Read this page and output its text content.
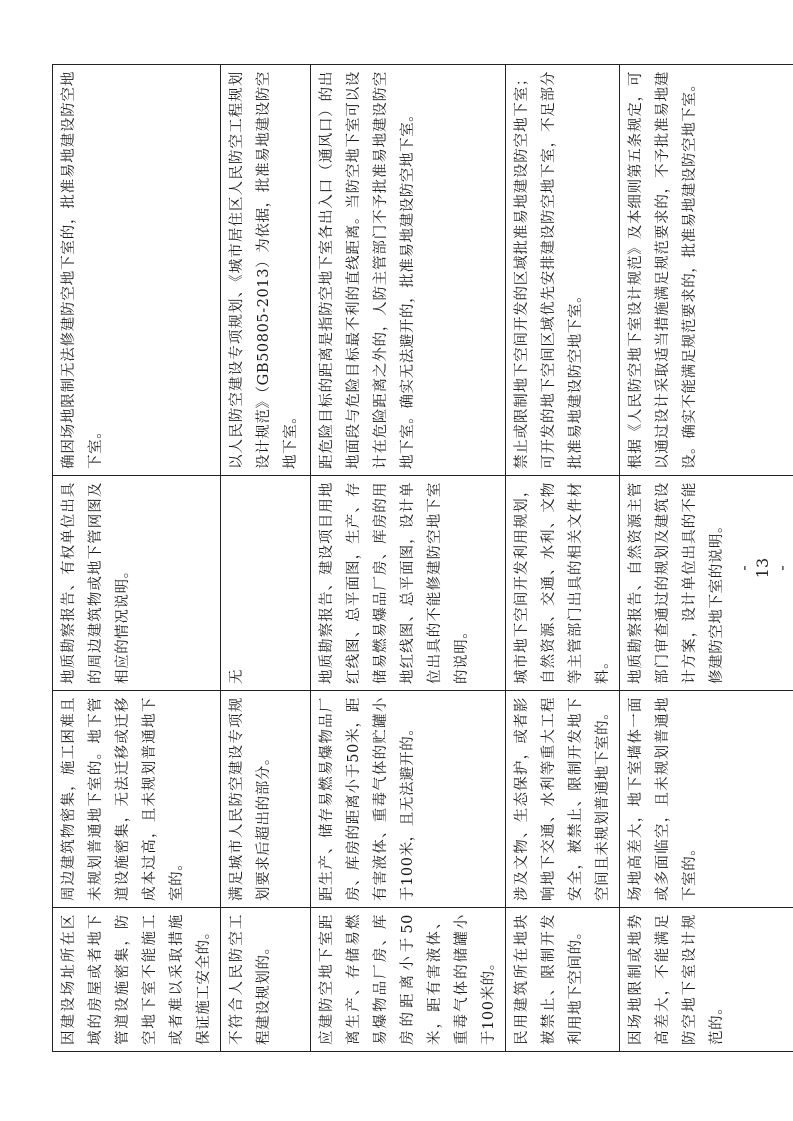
因建设场址所在区域的房屋或者地下管道设施密集，防空地下室不能施工或者难以采取措施保证施工安全的。	周边建筑物密集，施工困难且未规划普通地下室的。地下管道设施密集，无法迁移或迁移成本过高，且未规划普通地下室的。	地质勘察报告、有权单位出具的周边建筑物或地下管网图及相应的情况说明。	确因场地限制无法修建防空地下室的，批准易地建设防空地下室。
不符合人民防空工程建设规划的。	满足城市人民防空建设专项规划要求后超出的部分。	无	以人民防空建设专项规划、《城市居住区人民防空工程规划设计规范》（GB50805-2013）为依据，批准易地建设防空地下室。
应建防空地下室距离生产、存储易燃易爆物品厂房、库房的距离小于50米，距有害液体、重毒气体的储罐小于100米的。	距生产、储存易燃易爆物品厂房、库房的距离小于50米，距有害液体、重毒气体的贮罐小于100米，且无法避开的。	地质勘察报告、建设项目用地红线图、总平面图，生产、存储易燃易爆品厂房、库房的用地红线图、总平面图，设计单位出具的不能修建防空地下室的说明。	距危险目标的距离是指防空地下室各出入口（通风口）的出地面段与危险目标最不利的直线距离。当防空地下室可以设计在危险距离之外的，人防主管部门不予批准易地建设防空地下室。确实无法避开的，批准易地建设防空地下室。
民用建筑所在地块被禁止、限制开发利用地下空间的。	涉及文物、生态保护，或者影响地下交通、水利等重大工程安全，被禁止、限制开发地下空间且未规划普通地下室的。	城市地下空间开发利用规划，自然资源、交通、水利、文物等主管部门出具的相关文件材料。	禁止或限制地下空间开发的区域批准易地建设防空地下室；可开发的地下空间区域优先安排建设防空地下室，不足部分批准易地建设防空地下室。
因场地限制或地势高差大，不能满足防空地下室设计规范的。	场地高差大，地下室墙体一面或多面临空，且未规划普通地下室的。	地质勘察报告、自然资源主管部门审查通过的规划及建筑设计方案，设计单位出具的不能修建防空地下室的说明。	根据《人民防空地下室设计规范》及本细则第五条规定，可以通过设计采取适当措施满足规范要求的，不予批准易地建设。确实不能满足规范要求的，批准易地建设防空地下室。
- 13 -
